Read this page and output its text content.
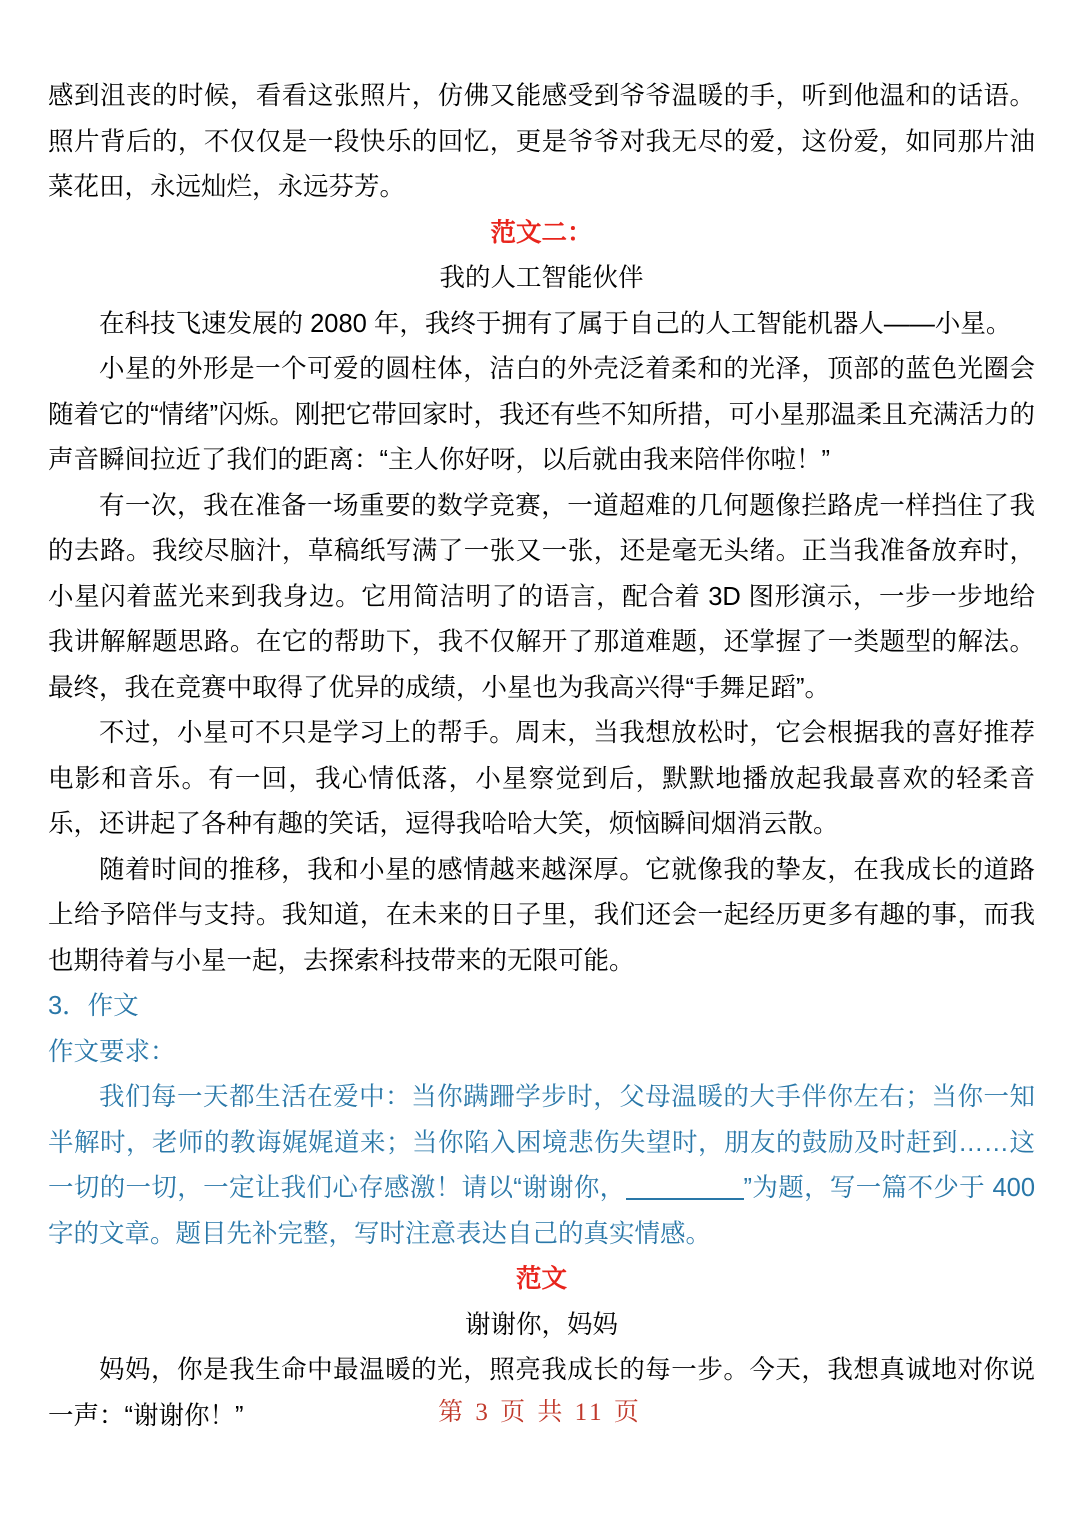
感到沮丧的时候，看看这张照片，仿佛又能感受到爷爷温暖的手，听到他温和的话语。照片背后的，不仅仅是一段快乐的回忆，更是爷爷对我无尽的爱，这份爱，如同那片油菜花田，永远灿烂，永远芬芳。

范文二：

我的人工智能伙伴

在科技飞速发展的 2080 年，我终于拥有了属于自己的人工智能机器人——小星。

小星的外形是一个可爱的圆柱体，洁白的外壳泛着柔和的光泽，顶部的蓝色光圈会随着它的“情绪”闪烁。刚把它带回家时，我还有些不知所措，可小星那温柔且充满活力的声音瞬间拉近了我们的距离：“主人你好呀，以后就由我来陪伴你啦！”

有一次，我在准备一场重要的数学竞赛，一道超难的几何题像拦路虎一样挡住了我的去路。我绞尽脑汁，草稿纸写满了一张又一张，还是毫无头绪。正当我准备放弃时，小星闪着蓝光来到我身边。它用简洁明了的语言，配合着 3D 图形演示，一步一步地给我讲解解题思路。在它的帮助下，我不仅解开了那道难题，还掌握了一类题型的解法。最终，我在竞赛中取得了优异的成绩，小星也为我高兴得“手舞足蹈”。

不过，小星可不只是学习上的帮手。周末，当我想放松时，它会根据我的喜好推荐电影和音乐。有一回，我心情低落，小星察觉到后，默默地播放起我最喜欢的轻柔音乐，还讲起了各种有趣的笑话，逗得我哈哈大笑，烦恼瞬间烟消云散。

随着时间的推移，我和小星的感情越来越深厚。它就像我的挚友，在我成长的道路上给予陪伴与支持。我知道，在未来的日子里，我们还会一起经历更多有趣的事，而我也期待着与小星一起，去探索科技带来的无限可能。

3．作文
作文要求：

我们每一天都生活在爱中：当你蹒跚学步时，父母温暖的大手伴你左右；当你一知半解时，老师的教诲娓娓道来；当你陷入困境悲伤失望时，朋友的鼓励及时赶到……这一切的一切，一定让我们心存感激！请以“谢谢你，	”为题，写一篇不少于 400 字的文章。题目先补完整，写时注意表达自己的真实情感。

范文

谢谢你，妈妈

妈妈，你是我生命中最温暖的光，照亮我成长的每一步。今天，我想真诚地对你说一声：“谢谢你！”	第 3 页 共 11 页
